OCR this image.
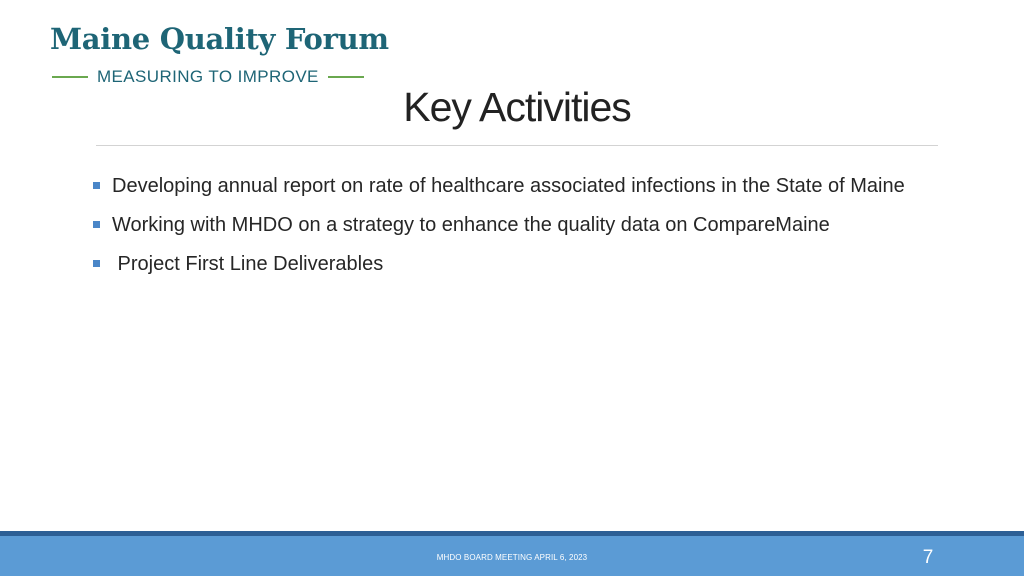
Maine Quality Forum
MEASURING TO IMPROVE
Key Activities
Developing annual report on rate of healthcare associated infections in the State of Maine
Working with MHDO on a strategy to enhance the quality data on CompareMaine
Project First Line Deliverables
MHDO BOARD MEETING APRIL 6, 2023	7
